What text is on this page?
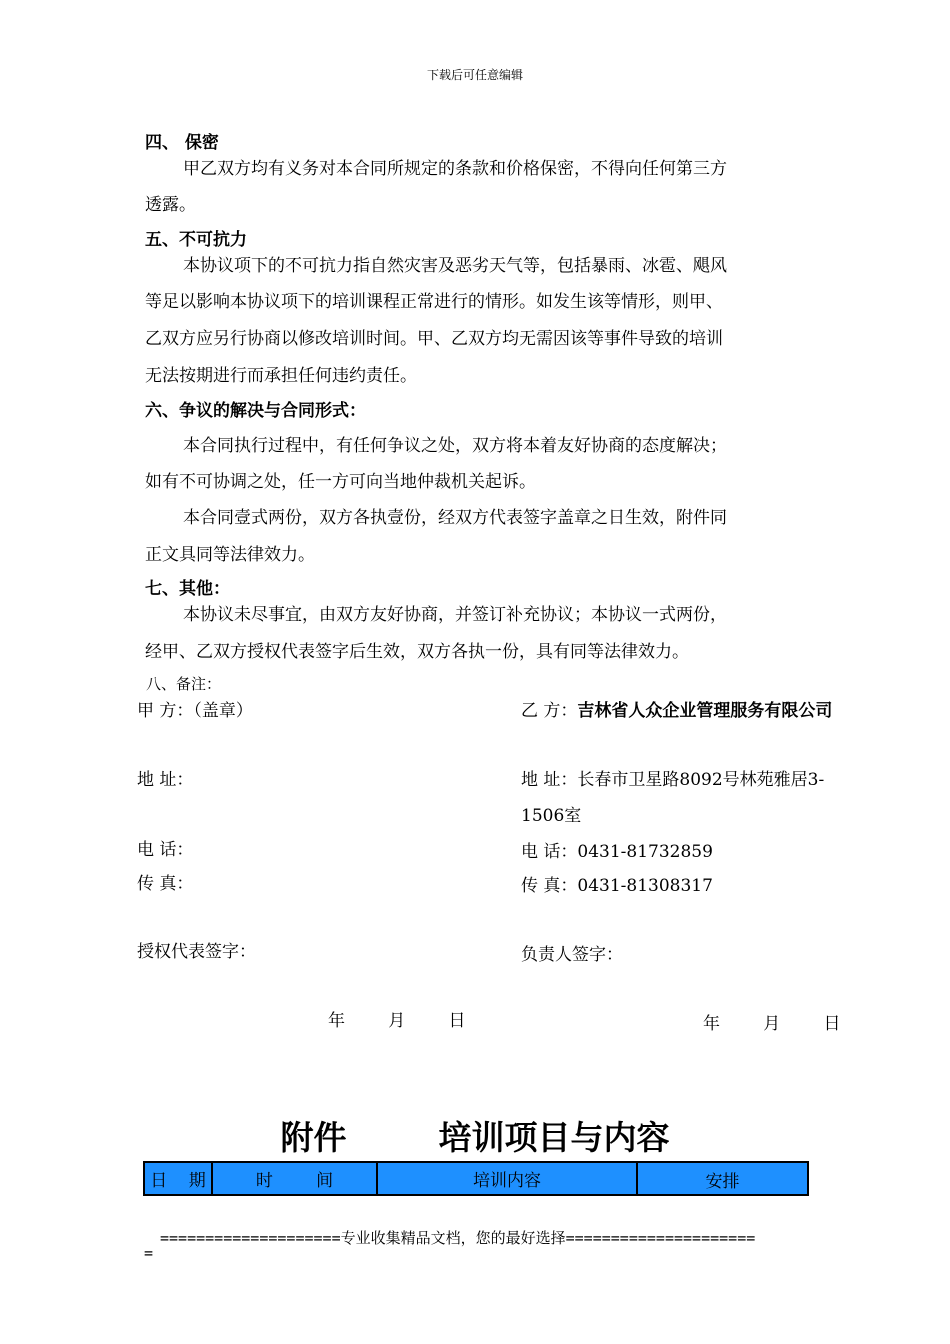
下载后可任意编辑
四、 保密
甲乙双方均有义务对本合同所规定的条款和价格保密，不得向任何第三方
透露。
五、不可抗力
本协议项下的不可抗力指自然灾害及恶劣天气等，包括暴雨、冰雹、飓风
等足以影响本协议项下的培训课程正常进行的情形。如发生该等情形，则甲、
乙双方应另行协商以修改培训时间。甲、乙双方均无需因该等事件导致的培训
无法按期进行而承担任何违约责任。
六、争议的解决与合同形式：
本合同执行过程中，有任何争议之处，双方将本着友好协商的态度解决；
如有不可协调之处，任一方可向当地仲裁机关起诉。
本合同壹式两份，双方各执壹份，经双方代表签字盖章之日生效，附件同
正文具同等法律效力。
七、其他：
本协议未尽事宜，由双方友好协商，并签订补充协议；本协议一式两份，
经甲、乙双方授权代表签字后生效，双方各执一份，具有同等法律效力。
八、备注：
甲 方：（盖章）
地 址：
电 话：
传 真：
授权代表签字：
年        月        日
乙 方：吉林省人众企业管理服务有限公司
地 址：长春市卫星路8092号林苑雅居3-
1506室
电 话：0431-81732859
传 真：0431-81308317
负责人签字：
年        月        日
附件        培训项目与内容
日    期	时        间	培训内容	安排
====================专业收集精品文档，您的最好选择=====================
=
